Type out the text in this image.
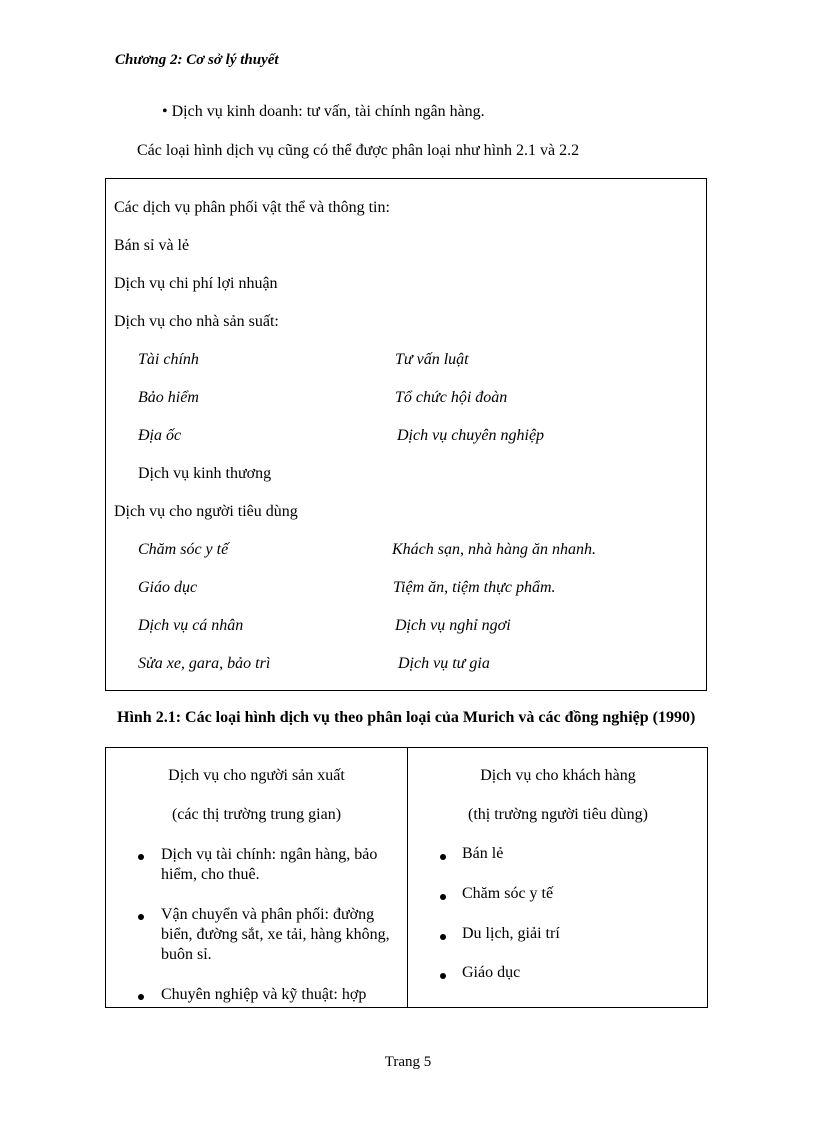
Chương 2: Cơ sở lý thuyết
• Dịch vụ kinh doanh: tư vấn, tài chính ngân hàng.
Các loại hình dịch vụ cũng có thể được phân loại như hình 2.1 và 2.2
Các dịch vụ phân phối vật thể và thông tin:
Bán sỉ và lẻ
Dịch vụ chi phí lợi nhuận
Dịch vụ cho nhà sản suất:
Tài chính	Tư vấn luật
Bảo hiểm	Tổ chức hội đoàn
Địa ốc	Dịch vụ chuyên nghiệp
Dịch vụ kinh thương
Dịch vụ cho người tiêu dùng
Chăm sóc y tế	Khách sạn, nhà hàng ăn nhanh.
Giáo dục	Tiệm ăn, tiệm thực phẩm.
Dịch vụ cá nhân	Dịch vụ nghỉ ngơi
Sửa xe, gara, bảo trì	Dịch vụ tư gia
Hình 2.1: Các loại hình dịch vụ theo phân loại của Murich và các đồng nghiệp (1990)
Dịch vụ cho người sản xuất
(các thị trường trung gian)
Dịch vụ tài chính: ngân hàng, bảo hiểm, cho thuê.
Vận chuyển và phân phối: đường biển, đường sắt, xe tải, hàng không, buôn sỉ.
Chuyên nghiệp và kỹ thuật: hợp
Dịch vụ cho khách hàng
(thị trường người tiêu dùng)
Bán lẻ
Chăm sóc y tế
Du lịch, giải trí
Giáo dục
Trang 5
